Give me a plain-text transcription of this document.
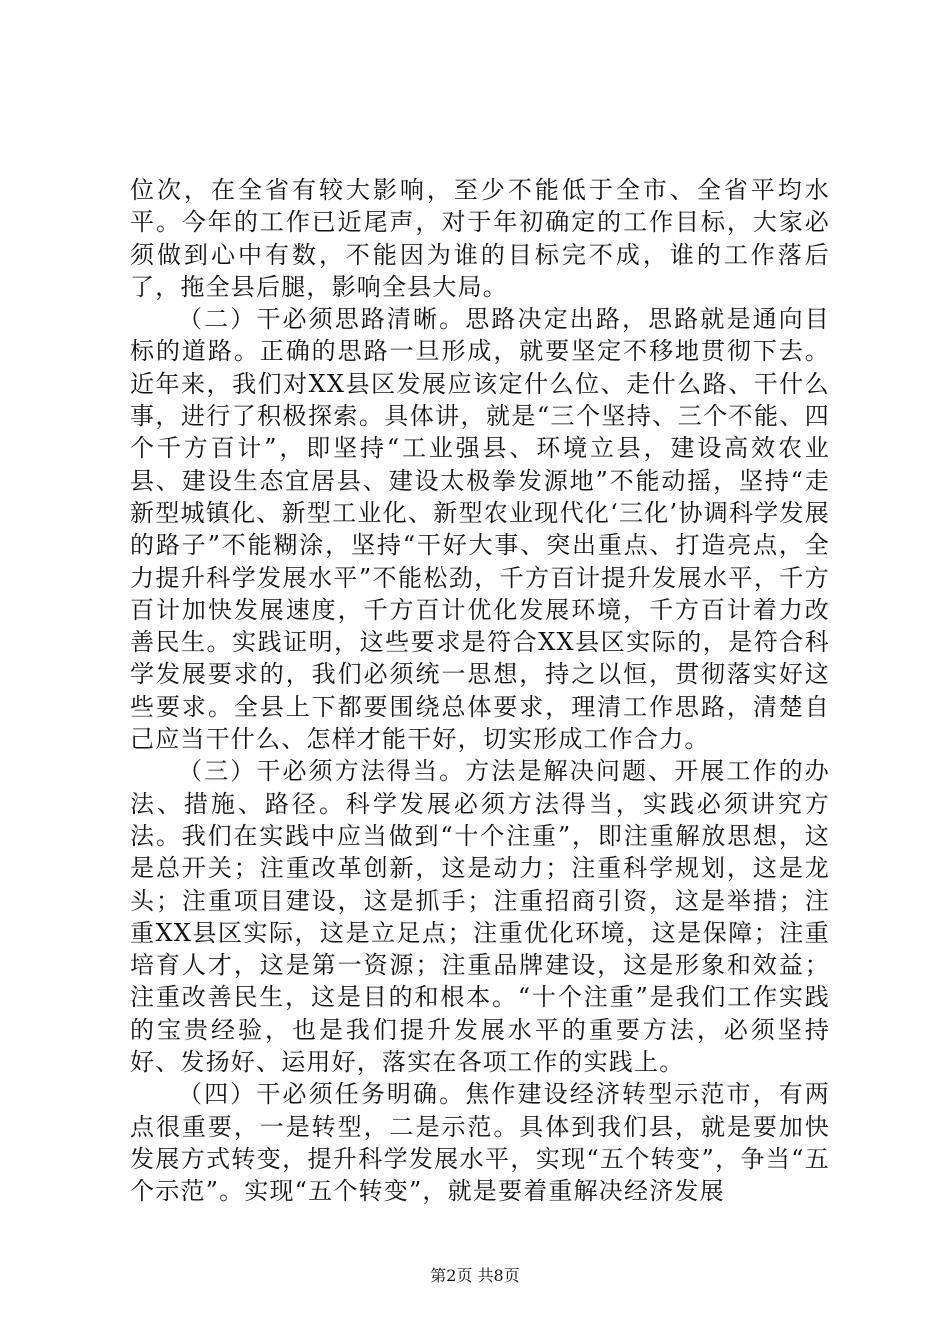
位次，在全省有较大影响，至少不能低于全市、全省平均水平。今年的工作已近尾声，对于年初确定的工作目标，大家必须做到心中有数，不能因为谁的目标完不成，谁的工作落后了，拖全县后腿，影响全县大局。

（二）干必须思路清晰。思路决定出路，思路就是通向目标的道路。正确的思路一旦形成，就要坚定不移地贯彻下去。近年来，我们对XX县区发展应该定什么位、走什么路、干什么事，进行了积极探索。具体讲，就是“三个坚持、三个不能、四个千方百计”，即坚持“工业强县、环境立县，建设高效农业县、建设生态宜居县、建设太极拳发源地”不能动摇，坚持“走新型城镇化、新型工业化、新型农业现代化‘三化’协调科学发展的路子”不能糊涂，坚持“干好大事、突出重点、打造亮点，全力提升科学发展水平”不能松劲，千方百计提升发展水平，千方百计加快发展速度，千方百计优化发展环境，千方百计着力改善民生。实践证明，这些要求是符合XX县区实际的，是符合科学发展要求的，我们必须统一思想，持之以恒，贯彻落实好这些要求。全县上下都要围绕总体要求，理清工作思路，清楚自己应当干什么、怎样才能干好，切实形成工作合力。

（三）干必须方法得当。方法是解决问题、开展工作的办法、措施、路径。科学发展必须方法得当，实践必须讲究方法。我们在实践中应当做到“十个注重”，即注重解放思想，这是总开关；注重改革创新，这是动力；注重科学规划，这是龙头；注重项目建设，这是抓手；注重招商引资，这是举措；注重XX县区实际，这是立足点；注重优化环境，这是保障；注重培育人才，这是第一资源；注重品牌建设，这是形象和效益；注重改善民生，这是目的和根本。“十个注重”是我们工作实践的宝贵经验，也是我们提升发展水平的重要方法，必须坚持好、发扬好、运用好，落实在各项工作的实践上。

（四）干必须任务明确。焦作建设经济转型示范市，有两点很重要，一是转型，二是示范。具体到我们县，就是要加快发展方式转变，提升科学发展水平，实现“五个转变”，争当“五个示范”。实现“五个转变”，就是要着重解决经济发展

第2页 共8页
